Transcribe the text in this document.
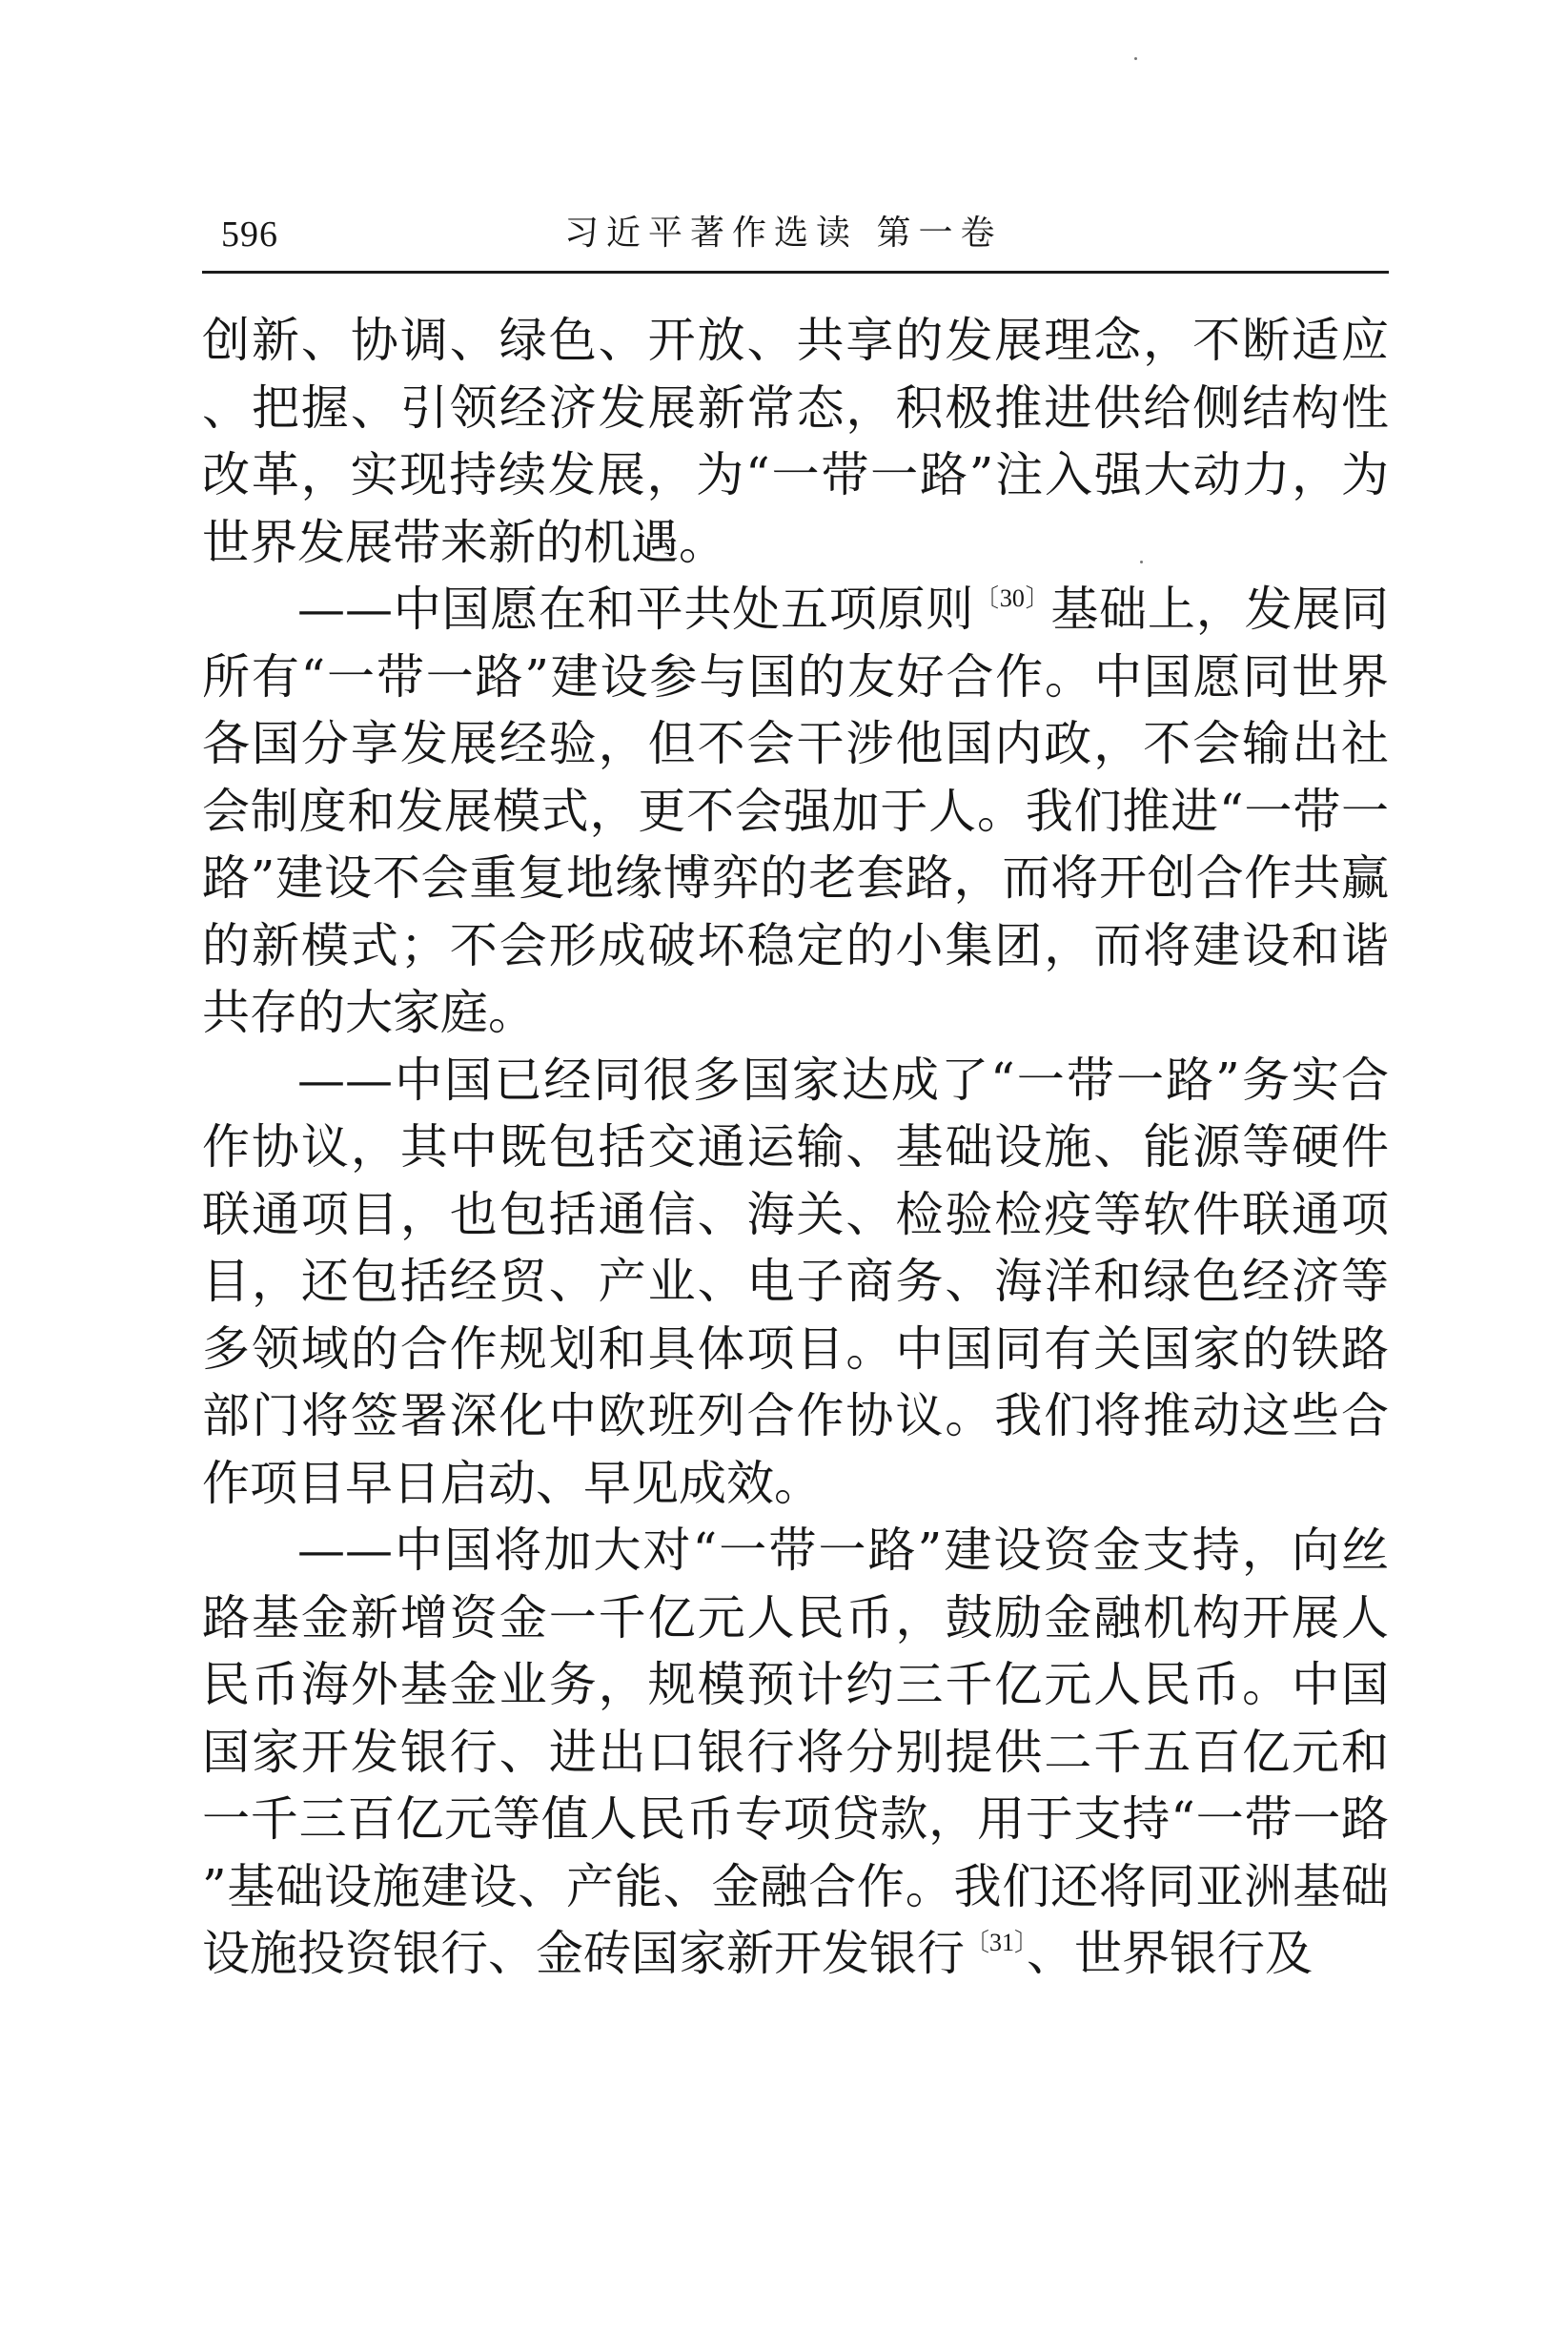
596	习近平著作选读 第一卷

创新、协调、绿色、开放、共享的发展理念，不断适应、把握、引领经济发展新常态，积极推进供给侧结构性改革，实现持续发展，为“一带一路”注入强大动力，为世界发展带来新的机遇。

——中国愿在和平共处五项原则$^{〔30〕}$基础上，发展同所有“一带一路”建设参与国的友好合作。中国愿同世界各国分享发展经验，但不会干涉他国内政，不会输出社会制度和发展模式，更不会强加于人。我们推进“一带一路”建设不会重复地缘博弈的老套路，而将开创合作共赢的新模式；不会形成破坏稳定的小集团，而将建设和谐共存的大家庭。

——中国已经同很多国家达成了“一带一路”务实合作协议，其中既包括交通运输、基础设施、能源等硬件联通项目，也包括通信、海关、检验检疫等软件联通项目，还包括经贸、产业、电子商务、海洋和绿色经济等多领域的合作规划和具体项目。中国同有关国家的铁路部门将签署深化中欧班列合作协议。我们将推动这些合作项目早日启动、早见成效。

——中国将加大对“一带一路”建设资金支持，向丝路基金新增资金一千亿元人民币，鼓励金融机构开展人民币海外基金业务，规模预计约三千亿元人民币。中国国家开发银行、进出口银行将分别提供二千五百亿元和一千三百亿元等值人民币专项贷款，用于支持“一带一路”基础设施建设、产能、金融合作。我们还将同亚洲基础设施投资银行、金砖国家新开发银行$^{〔31〕}$、世界银行及
